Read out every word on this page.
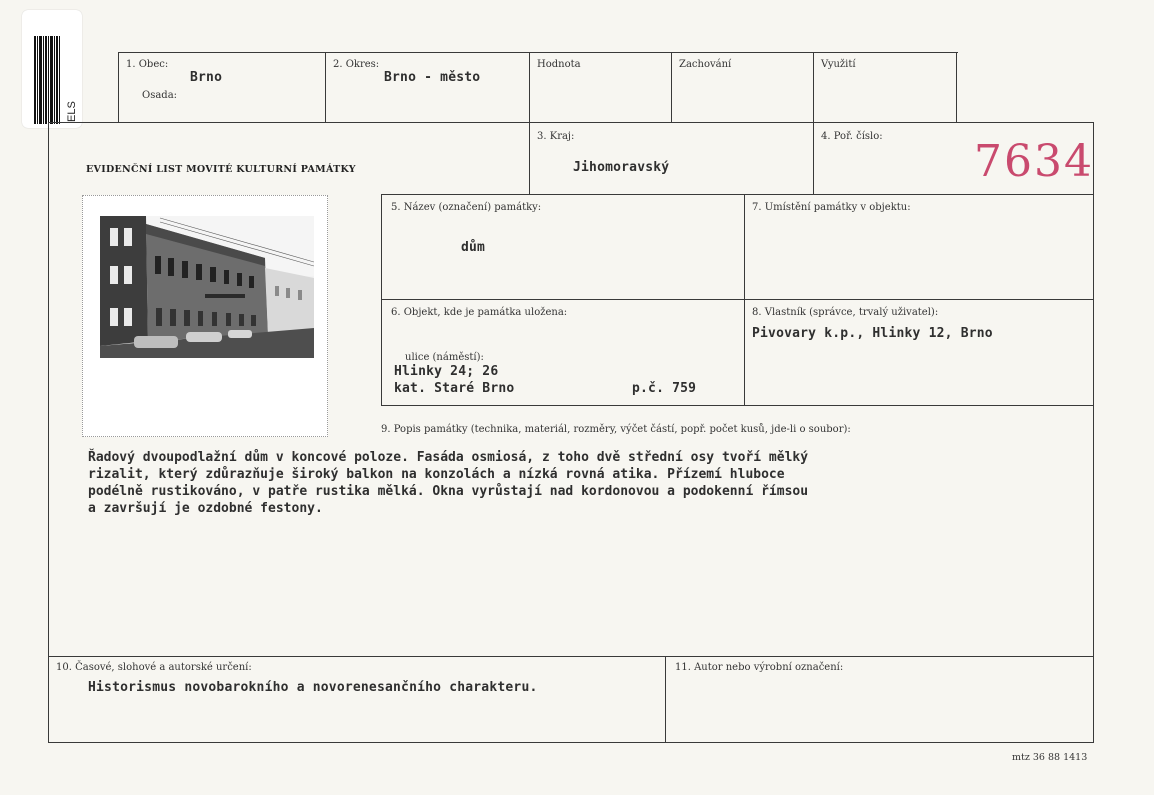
ELS
1. Obec:
Brno
Osada:
2. Okres:
Brno - město
Hodnota	Zachování	Využití
EVIDENČNÍ LIST MOVITÉ KULTURNÍ PAMÁTKY
3. Kraj:
Jihomoravský
4. Poř. číslo: 7634
5. Název (označení) památky:
dům
7. Umístění památky v objektu:
6. Objekt, kde je památka uložena:
ulice (náměstí):
Hlinky 24; 26
kat. Staré Brno	p.č. 759
8. Vlastník (správce, trvalý uživatel):
Pivovary k.p., Hlinky 12, Brno
9. Popis památky (technika, materiál, rozměry, výčet částí, popř. počet kusů, jde-li o soubor):
Řadový dvoupodlažní dům v koncové poloze. Fasáda osmiosá, z toho dvě střední osy tvoří mělký
rizalit, který zdůrazňuje široký balkon na konzolách a nízká rovná atika. Přízemí hluboce
podélně rustikováno, v patře rustika mělká. Okna vyrůstají nad kordonovou a podokenní římsou
a završují je ozdobné festony.
10. Časové, slohové a autorské určení:
Historismus novobarokního a novorenesančního charakteru.
11. Autor nebo výrobní označení:
mtz 36 88 1413
